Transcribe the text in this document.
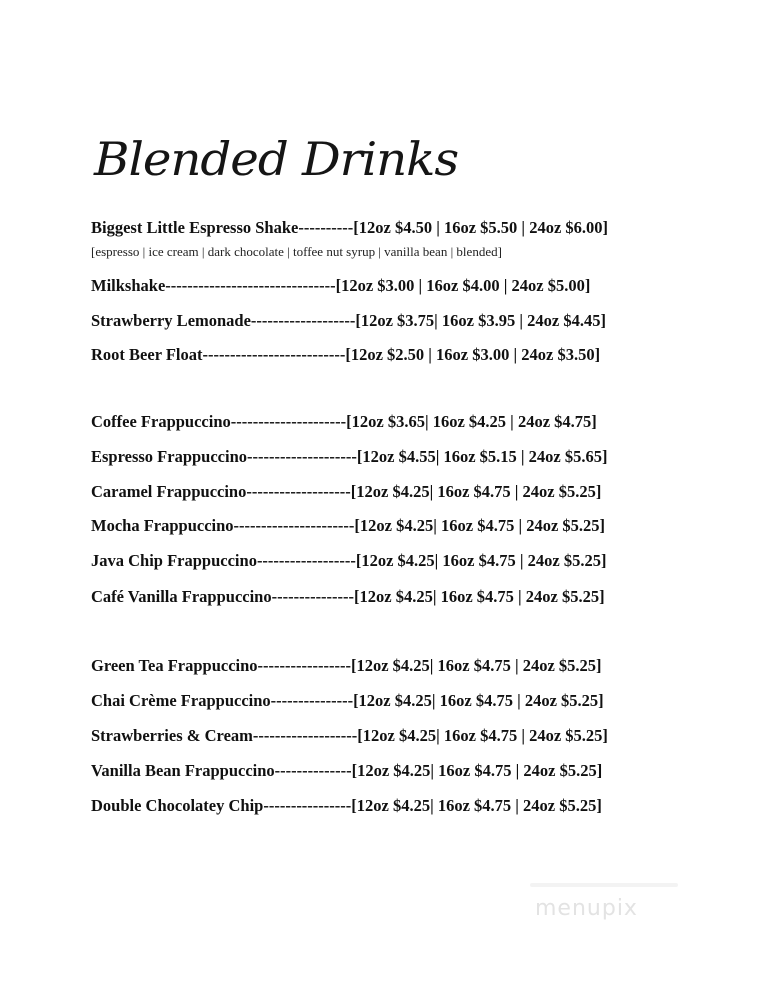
Blended Drinks
Biggest Little Espresso Shake----------[12oz $4.50 | 16oz $5.50 | 24oz $6.00]
[espresso | ice cream | dark chocolate | toffee nut syrup | vanilla bean | blended]
Milkshake-------------------------------[12oz $3.00 | 16oz $4.00 | 24oz $5.00]
Strawberry Lemonade-------------------[12oz $3.75| 16oz $3.95 | 24oz $4.45]
Root Beer Float--------------------------[12oz $2.50 | 16oz $3.00 | 24oz $3.50]
Coffee Frappuccino---------------------[12oz $3.65| 16oz $4.25 | 24oz $4.75]
Espresso Frappuccino--------------------[12oz $4.55| 16oz $5.15 | 24oz $5.65]
Caramel Frappuccino-------------------[12oz $4.25| 16oz $4.75 | 24oz $5.25]
Mocha Frappuccino----------------------[12oz $4.25| 16oz $4.75 | 24oz $5.25]
Java Chip Frappuccino------------------[12oz $4.25| 16oz $4.75 | 24oz $5.25]
Café Vanilla Frappuccino---------------[12oz $4.25| 16oz $4.75 | 24oz $5.25]
Green Tea Frappuccino-----------------[12oz $4.25| 16oz $4.75 | 24oz $5.25]
Chai Crème Frappuccino---------------[12oz $4.25| 16oz $4.75 | 24oz $5.25]
Strawberries & Cream-------------------[12oz $4.25| 16oz $4.75 | 24oz $5.25]
Vanilla Bean Frappuccino--------------[12oz $4.25| 16oz $4.75 | 24oz $5.25]
Double Chocolatey Chip----------------[12oz $4.25| 16oz $4.75 | 24oz $5.25]
menupix
